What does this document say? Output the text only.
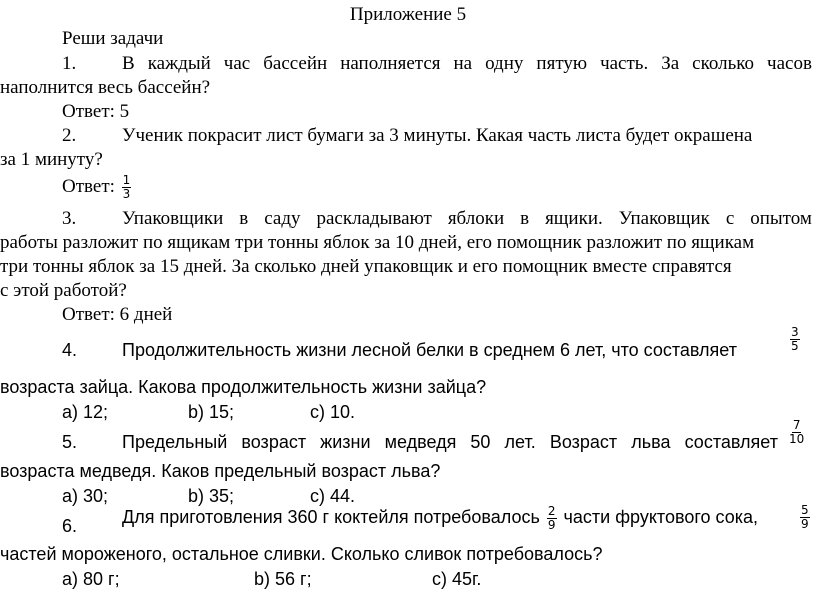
Приложение 5
Реши задачи
1. В каждый час бассейн наполняется на одну пятую часть. За сколько часов
наполнится весь бассейн?
Ответ: 5
2. Ученик покрасит лист бумаги за 3 минуты. Какая часть листа будет окрашена
за 1 минуту?
Ответ: $\frac{1}{3}$
3. Упаковщики в саду раскладывают яблоки в ящики. Упаковщик с опытом
работы разложит по ящикам три тонны яблок за 10 дней, его помощник разложит по ящикам
три тонны яблок за 15 дней. За сколько дней упаковщик и его помощник вместе справятся
с этой работой?
Ответ: 6 дней
4. Продолжительность жизни лесной белки в среднем 6 лет, что составляет	$\frac{3}{5}$
возраста зайца. Какова продолжительность жизни зайца?
а) 12;	b) 15;	c) 10.
5. Предельный возраст жизни медведя 50 лет. Возраст льва составляет $\frac{7}{10}$
возраста медведя. Каков предельный возраст льва?
а) 30;	b) 35;	c) 44.
6. Для приготовления 360 г коктейля потребовалось $\frac{2}{9}$ части фруктового сока,	$\frac{5}{9}$
частей мороженого, остальное сливки. Сколько сливок потребовалось?
а) 80 г;	b) 56 г;	c) 45г.
